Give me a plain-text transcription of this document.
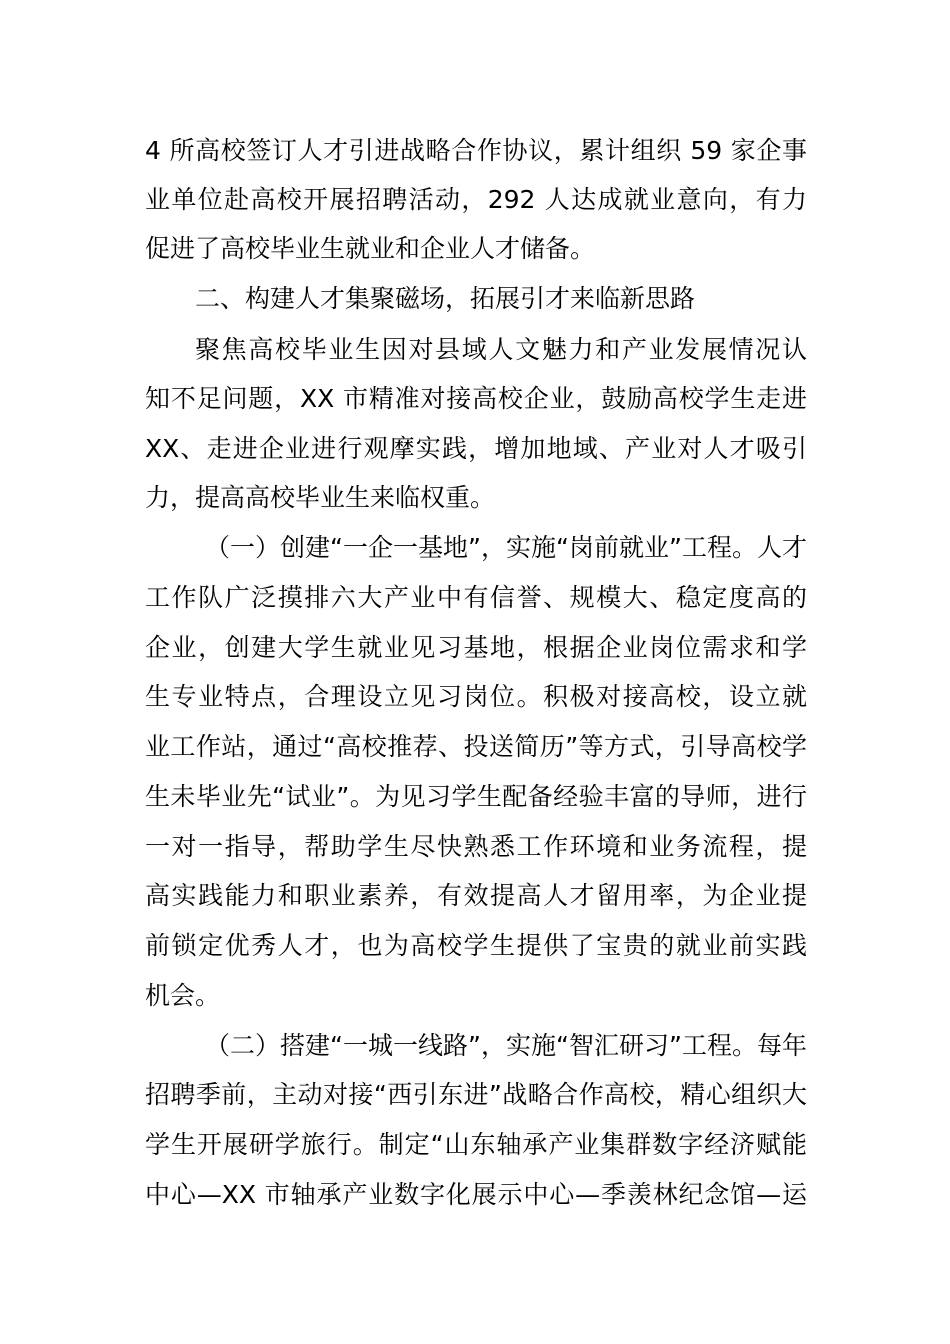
4 所高校签订人才引进战略合作协议，累计组织 59 家企事
业单位赴高校开展招聘活动，292 人达成就业意向，有力
促进了高校毕业生就业和企业人才储备。
二、构建人才集聚磁场，拓展引才来临新思路
聚焦高校毕业生因对县域人文魅力和产业发展情况认
知不足问题，XX 市精准对接高校企业，鼓励高校学生走进
XX、走进企业进行观摩实践，增加地域、产业对人才吸引
力，提高高校毕业生来临权重。
（一）创建“一企一基地”，实施“岗前就业”工程。人才
工作队广泛摸排六大产业中有信誉、规模大、稳定度高的
企业，创建大学生就业见习基地，根据企业岗位需求和学
生专业特点，合理设立见习岗位。积极对接高校，设立就
业工作站，通过“高校推荐、投送简历”等方式，引导高校学
生未毕业先“试业”。为见习学生配备经验丰富的导师，进行
一对一指导，帮助学生尽快熟悉工作环境和业务流程，提
高实践能力和职业素养，有效提高人才留用率，为企业提
前锁定优秀人才，也为高校学生提供了宝贵的就业前实践
机会。
（二）搭建“一城一线路”，实施“智汇研习”工程。每年
招聘季前，主动对接“西引东进”战略合作高校，精心组织大
学生开展研学旅行。制定“山东轴承产业集群数字经济赋能
中心—XX 市轴承产业数字化展示中心—季羡林纪念馆—运
